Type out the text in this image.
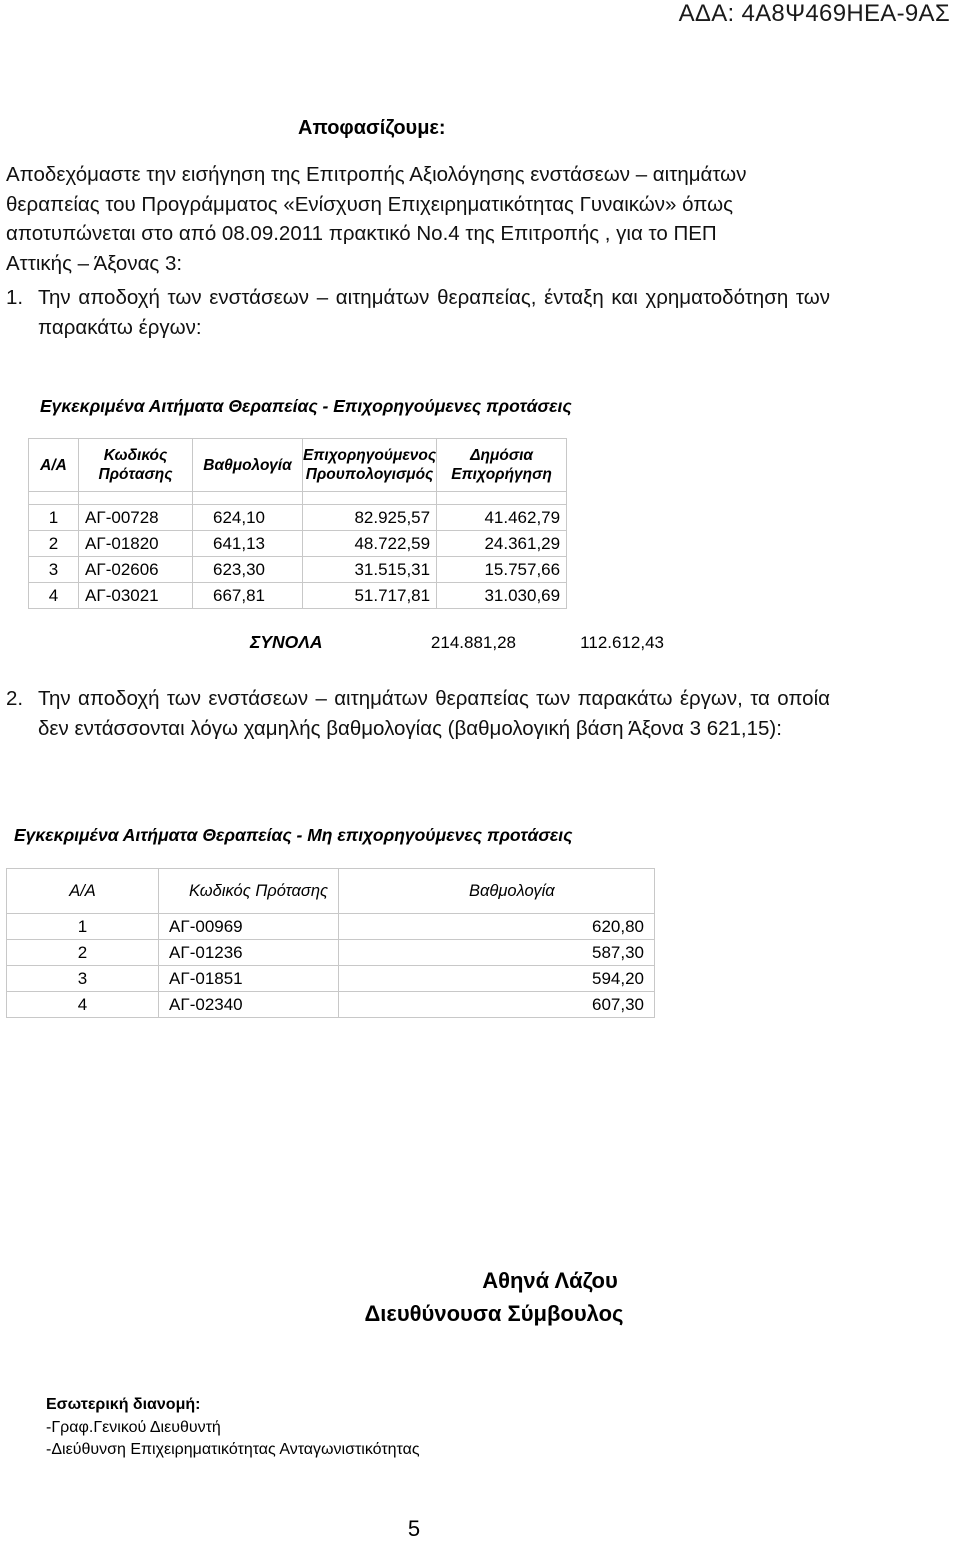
ΑΔΑ: 4Α8Ψ469ΗΕΑ-9ΑΣ
Αποφασίζουμε:

Αποδεχόμαστε την εισήγηση της Επιτροπής Αξιολόγησης ενστάσεων – αιτημάτων

θεραπείας του Προγράμματος «Ενίσχυση Επιχειρηματικότητας Γυναικών» όπως

αποτυπώνεται στο από 08.09.2011 πρακτικό Νο.4 της Επιτροπής , για το ΠΕΠ

Αττικής – Άξονας 3:

1. Την αποδοχή των ενστάσεων – αιτημάτων θεραπείας, ένταξη και χρηματοδότηση των παρακάτω έργων:
Εγκεκριμένα Αιτήματα Θεραπείας - Επιχορηγούμενες προτάσεις
Α/Α	Κωδικός Πρότασης	Βαθμολογία	Επιχορηγούμενος Προυπολογισμός	Δημόσια Επιχορήγηση

1	ΑΓ-00728	624,10	82.925,57	41.462,79
2	ΑΓ-01820	641,13	48.722,59	24.361,29
3	ΑΓ-02606	623,30	31.515,31	15.757,66
4	ΑΓ-03021	667,81	51.717,81	31.030,69
ΣΥΝΟΛΑ	214.881,28	112.612,43
2. Την αποδοχή των ενστάσεων – αιτημάτων θεραπείας των παρακάτω έργων, τα οποία δεν εντάσσονται λόγω χαμηλής βαθμολογίας (βαθμολογική βάση Άξονα 3 621,15):
Εγκεκριμένα Αιτήματα Θεραπείας - Μη επιχορηγούμενες προτάσεις
Α/Α	Κωδικός Πρότασης	Βαθμολογία
1	ΑΓ-00969	620,80
2	ΑΓ-01236	587,30
3	ΑΓ-01851	594,20
4	ΑΓ-02340	607,30
Αθηνά Λάζου
Διευθύνουσα Σύμβουλος
Εσωτερική διανομή:
-Γραφ.Γενικού Διευθυντή
-Διεύθυνση Επιχειρηματικότητας Ανταγωνιστικότητας
5
